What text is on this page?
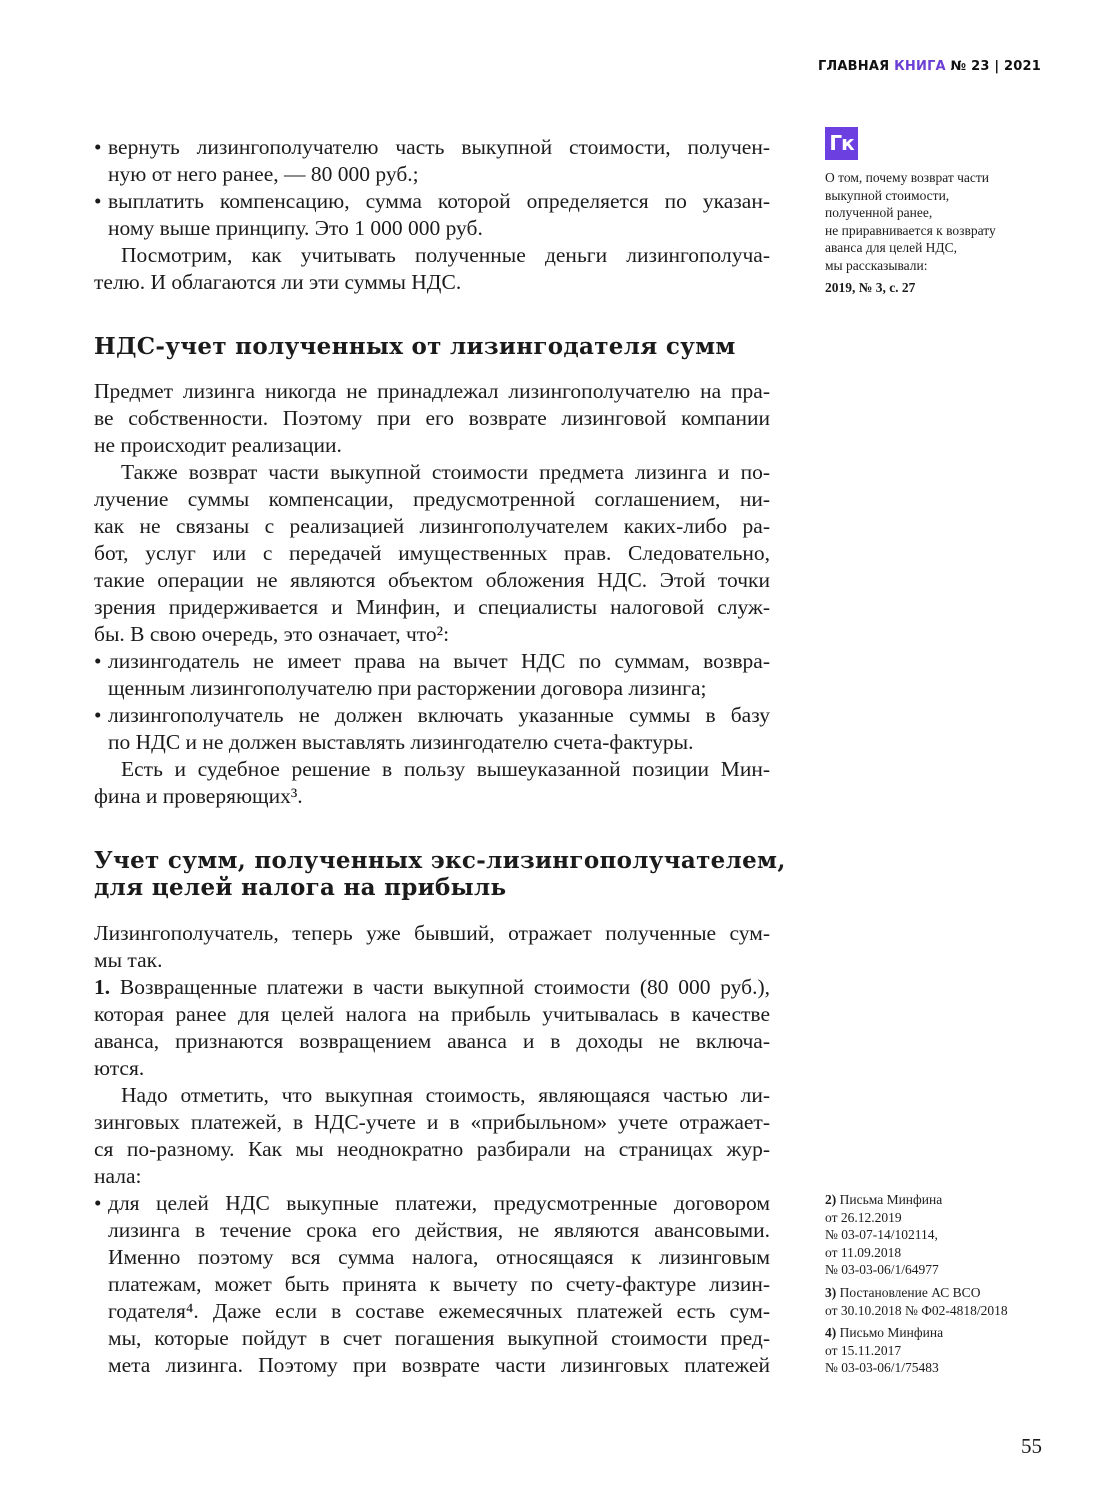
ГЛАВНАЯ КНИГА № 23 | 2021
• вернуть лизингополучателю часть выкупной стоимости, получен-
ную от него ранее, — 80 000 руб.;
• выплатить компенсацию, сумма которой определяется по указан-
ному выше принципу. Это 1 000 000 руб.
Посмотрим, как учитывать полученные деньги лизингополуча-
телю. И облагаются ли эти суммы НДС.
НДС-учет полученных от лизингодателя сумм
Предмет лизинга никогда не принадлежал лизингополучателю на пра-
ве собственности. Поэтому при его возврате лизинговой компании
не происходит реализации.
Также возврат части выкупной стоимости предмета лизинга и по-
лучение суммы компенсации, предусмотренной соглашением, ни-
как не связаны с реализацией лизингополучателем каких-либо ра-
бот, услуг или с передачей имущественных прав. Следовательно,
такие операции не являются объектом обложения НДС. Этой точки
зрения придерживается и Минфин, и специалисты налоговой служ-
бы. В свою очередь, это означает, что²:
• лизингодатель не имеет права на вычет НДС по суммам, возвра-
щенным лизингополучателю при расторжении договора лизинга;
• лизингополучатель не должен включать указанные суммы в базу
по НДС и не должен выставлять лизингодателю счета-фактуры.
Есть и судебное решение в пользу вышеуказанной позиции Мин-
фина и проверяющих³.
Учет сумм, полученных экс-лизингополучателем,
для целей налога на прибыль
Лизингополучатель, теперь уже бывший, отражает полученные сум-
мы так.
1. Возвращенные платежи в части выкупной стоимости (80 000 руб.),
которая ранее для целей налога на прибыль учитывалась в качестве
аванса, признаются возвращением аванса и в доходы не включа-
ются.
Надо отметить, что выкупная стоимость, являющаяся частью ли-
зинговых платежей, в НДС-учете и в «прибыльном» учете отражает-
ся по-разному. Как мы неоднократно разбирали на страницах жур-
нала:
• для целей НДС выкупные платежи, предусмотренные договором
лизинга в течение срока его действия, не являются авансовыми.
Именно поэтому вся сумма налога, относящаяся к лизинговым
платежам, может быть принята к вычету по счету-фактуре лизин-
годателя⁴. Даже если в составе ежемесячных платежей есть сум-
мы, которые пойдут в счет погашения выкупной стоимости пред-
мета лизинга. Поэтому при возврате части лизинговых платежей
Гк
О том, почему возврат части
выкупной стоимости,
полученной ранее,
не приравнивается к возврату
аванса для целей НДС,
мы рассказывали:
2019, № 3, с. 27
2) Письма Минфина
от 26.12.2019
№ 03-07-14/102114,
от 11.09.2018
№ 03-03-06/1/64977
3) Постановление АС ВСО
от 30.10.2018 № Ф02-4818/2018
4) Письмо Минфина
от 15.11.2017
№ 03-03-06/1/75483
55
